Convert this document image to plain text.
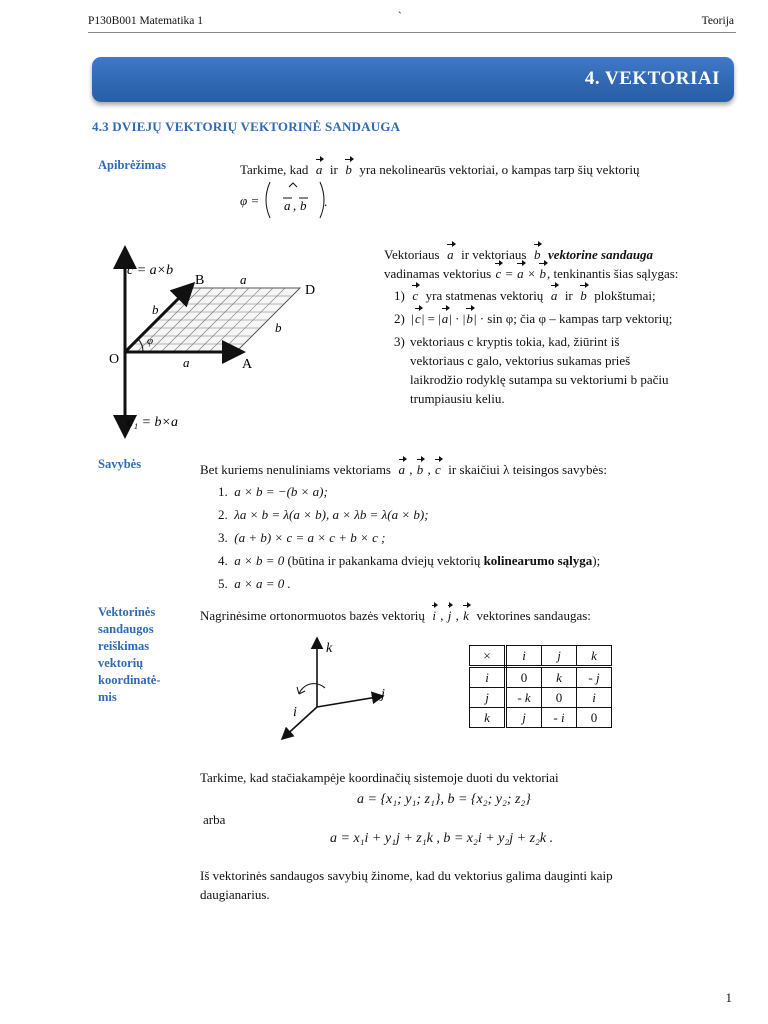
P130B001 Matematika 1	`	Teorija
4. VEKTORIAI
4.3 DVIEJŲ VEKTORIŲ VEKTORINĖ SANDAUGA
Apibrėžimas	Tarkime, kad a ir b yra nekolinearūs vektoriai, o kampas tarp šių vektorių
φ = a , b .
φ
c = a×b
c₁ = b×a
B
D
O	A
a
a
b
b
Vektoriaus a ir vektoriaus b vektorine sandauga
vadinamas vektorius c = a × b, tenkinantis šias sąlygas:
1) c yra statmenas vektorių a ir b plokštumai;
2)  |c| = |a| · |b| · sin φ; čia φ – kampas tarp vektorių;
3) vektoriaus c kryptis tokia, kad, žiūrint iš
vektoriaus c galo, vektorius sukamas prieš
laikrodžio rodyklę sutampa su vektoriumi b pačiu
trumpiausiu keliu.
Savybės	Bet kuriems nenuliniams vektoriams a , b , c ir skaičiui λ teisingos savybės:
1. a × b = −(b × a);
2. λa × b = λ(a × b), a × λb = λ(a × b);
3. (a + b) × c = a × c + b × c ;
4. a × b = 0 (būtina ir pakankama dviejų vektorių kolinearumo sąlyga);
5. a × a = 0 .
Vektorinės
sandaugos
reiškimas
vektorių
koordinatė-
mis
Nagrinėsime ortonormuotos bazės vektorių i , j , k vektorines sandaugas:
k
j
i
×	i	j	k
i	0	k	- j
j	- k	0	i
k	j	- i	0
Tarkime, kad stačiakampėje koordinačių sistemoje duoti du vektoriai
a = {x₁; y₁; z₁}, b = {x₂; y₂; z₂}
arba
a = x₁i + y₁j + z₁k , b = x₂i + y₂j + z₂k .
Iš vektorinės sandaugos savybių žinome, kad du vektorius galima dauginti kaip
daugianarius.
1
